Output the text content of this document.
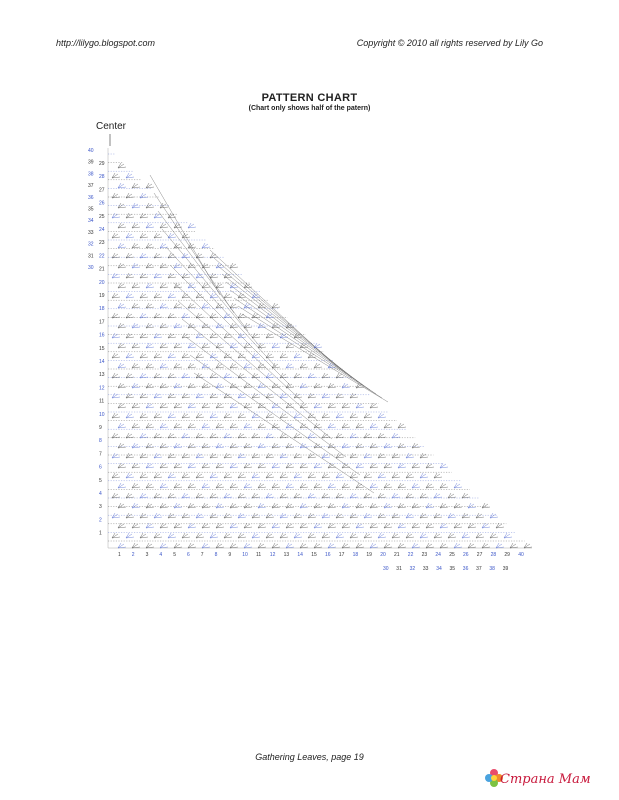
http://lilygo.blogspot.com	Copyright © 2010 all rights reserved by Lily Go
PATTERN CHART
(Chart only shows half of the patern)
Center
40
39
38
37
36
35
34
33
32
31
30
29
28
27
26
25
24
23
22
21
20
19
18
17
16
15
14
13
12
11
10
9
8
7
6
5
4
3
2
1
1 2 3 4 5 6 7 8 9 10 11 12 13 14 15 16 17 18 19 20 21 22 23 24 25 26 27 28 29 40
30 31 32 33 34 35 36 37 38 39
Gathering Leaves, page 19
Страна Мам
